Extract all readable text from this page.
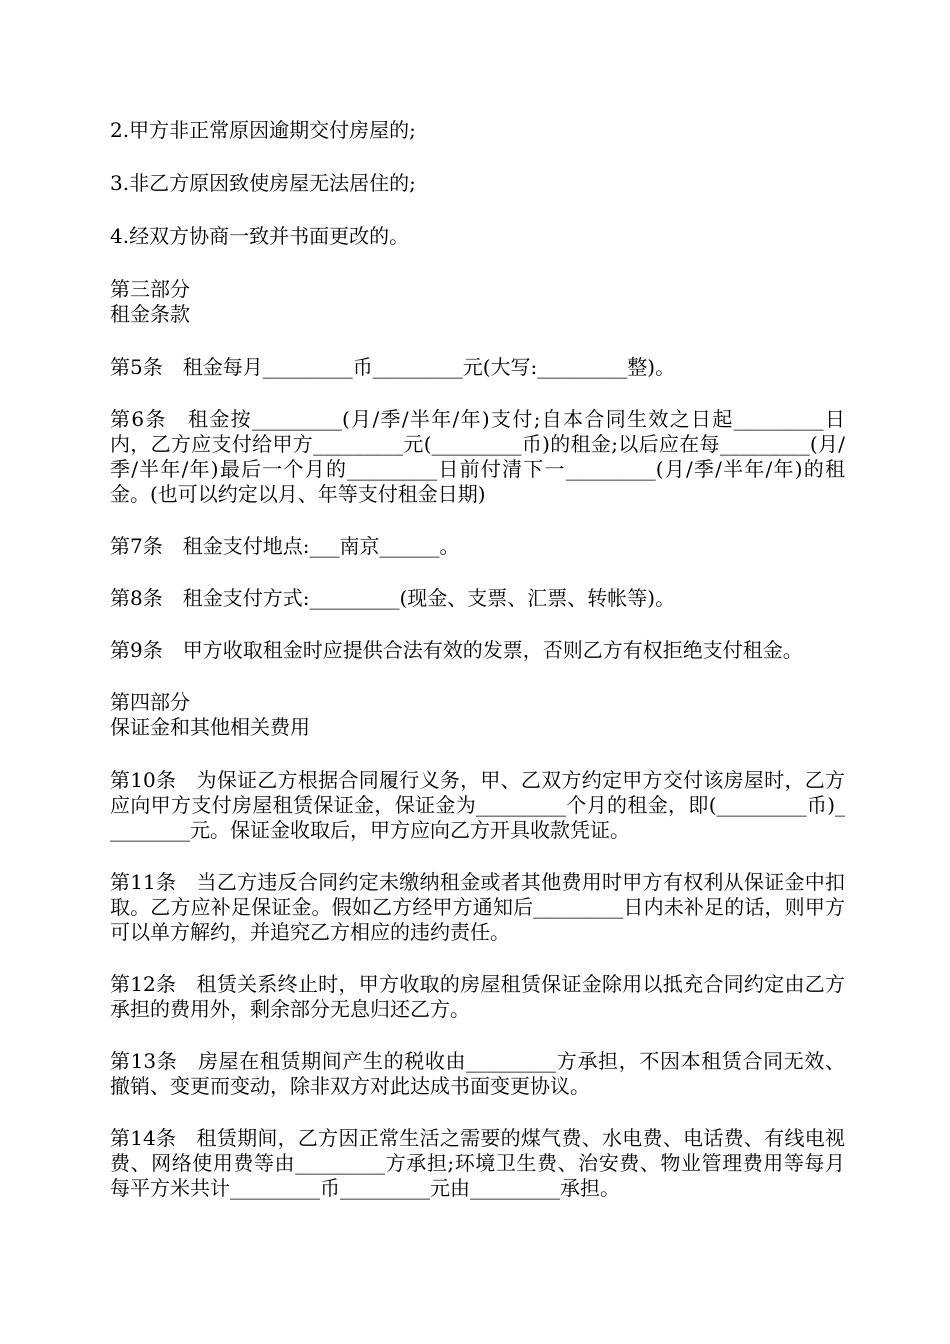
2.甲方非正常原因逾期交付房屋的;

3.非乙方原因致使房屋无法居住的;

4.经双方协商一致并书面更改的。

第三部分

租金条款

第5条　租金每月_________币_________元(大写:_________整)。

第6条　租金按_________(月/季/半年/年)支付;自本合同生效之日起_________日内，乙方应支付给甲方_________元(_________币)的租金;以后应在每_________(月/季/半年/年)最后一个月的_________日前付清下一_________(月/季/半年/年)的租金。(也可以约定以月、年等支付租金日期)

第7条　租金支付地点:___南京______。

第8条　租金支付方式:_________(现金、支票、汇票、转帐等)。

第9条　甲方收取租金时应提供合法有效的发票，否则乙方有权拒绝支付租金。

第四部分

保证金和其他相关费用

第10条　为保证乙方根据合同履行义务，甲、乙双方约定甲方交付该房屋时，乙方应向甲方支付房屋租赁保证金，保证金为_________个月的租金，即(_________币)_________元。保证金收取后，甲方应向乙方开具收款凭证。

第11条　当乙方违反合同约定未缴纳租金或者其他费用时甲方有权利从保证金中扣取。乙方应补足保证金。假如乙方经甲方通知后_________日内未补足的话，则甲方可以单方解约，并追究乙方相应的违约责任。

第12条　租赁关系终止时，甲方收取的房屋租赁保证金除用以抵充合同约定由乙方承担的费用外，剩余部分无息归还乙方。

第13条　房屋在租赁期间产生的税收由_________方承担，不因本租赁合同无效、撤销、变更而变动，除非双方对此达成书面变更协议。

第14条　租赁期间，乙方因正常生活之需要的煤气费、水电费、电话费、有线电视费、网络使用费等由_________方承担;环境卫生费、治安费、物业管理费用等每月每平方米共计_________币_________元由_________承担。
